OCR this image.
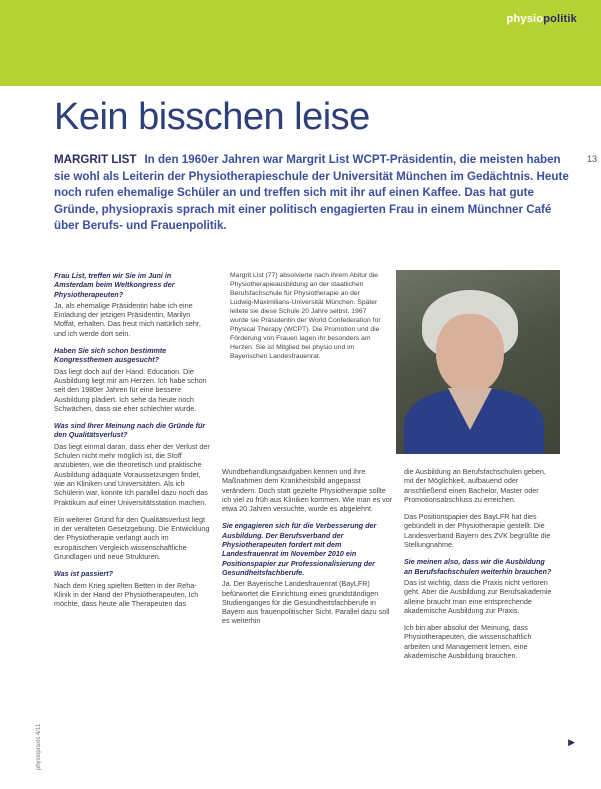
physiopolitik
Kein bisschen leise

MARGRIT LIST In den 1960er Jahren war Margrit List WCPT-Präsidentin, die meisten haben sie wohl als Leiterin der Physiotherapieschule der Universität München im Gedächtnis. Heute noch rufen ehemalige Schüler an und treffen sich mit ihr auf einen Kaffee. Das hat gute Gründe, physiopraxis sprach mit einer politisch engagierten Frau in einem Münchner Café über Berufs- und Frauenpolitik.

13

Frau List, treffen wir Sie im Juni in Amsterdam beim Weltkongress der Physiotherapeuten?

Ja, als ehemalige Präsidentin habe ich eine Einladung der jetzigen Präsidentin, Marilyn Moffat, erhalten. Das freut mich natürlich sehr, und ich werde dort sein.

Haben Sie sich schon bestimmte Kongressthemen ausgesucht?

Das liegt doch auf der Hand: Education. Die Ausbildung liegt mir am Herzen. Ich habe schon seit den 1980er Jahren für eine bessere Ausbildung plädiert. Ich sehe da heute noch Schwächen, dass sie eher schlechter wurde.

Was sind Ihrer Meinung nach die Gründe für den Qualitätsverlust?

Das liegt einmal daran, dass eher der Verlust der Schulen nicht mehr möglich ist, die Stoff anzubieten, wie die theoretisch und praktische Ausbildung adäquate Voraussetzungen findet, wie an Kliniken und Universitäten. Als ich Schülerin war, konnte ich parallel dazu noch das Praktikum auf einer Universitätsstation machen.

Ein weiterer Grund für den Qualitätsverlust liegt in der veralteten Gesetzgebung. Die Entwicklung der Physiotherapie verlangt auch im europäischen Vergleich wissenschaftliche Grundlagen und neue Strukturen.

Was ist passiert?

Nach dem Krieg spielten Betten in der Reha-Klinik in der Hand der Physiotherapeuten. Ich möchte, dass heute alle Therapeuten das

Margrit List (77) absolvierte nach ihrem Abitur die Physiotherapieausbildung an der staatlichen Berufsfachschule für Physiotherapie an der Ludwig-Maximilians-Universität München. Später leitete sie diese Schule 20 Jahre selbst. 1967 wurde sie Präsidentin der World Confederation for Physical Therapy (WCPT). Die Promotion und die Förderung von Frauen lagen ihr besonders am Herzen. Sie ist Mitglied bei physio und im Bayerischen Landesfrauenrat.

Wundbehandlungsaufgaben kennen und ihre Maßnahmen dem Krankheitsbild angepasst verändern. Doch statt gezielte Physiotherapie sollte ich viel zu früh aus Kliniken kommen. Wie man es vor etwa 20 Jahren versuchte, wurde es abgelehnt.

Sie engagieren sich für die Verbesserung der Ausbildung. Der Berufsverband der Physiotherapeuten fordert mit dem Landesfrauenrat im November 2010 ein Positionspapier zur Professionalisierung der Gesundheitsfachberufe.

Ja. Der Bayerische Landesfrauenrat (BayLFR) befürwortet die Einrichtung eines grundständigen Studienganges für die Gesundheitsfachberufe in Bayern aus frauenpolitischer Sicht. Parallel dazu soll es weiterhin

die Ausbildung an Berufsfachschulen geben, mit der Möglichkeit, aufbauend oder anschließend einen Bachelor, Master oder Promotionsabschluss zu erreichen.

Das Positionspapier des BayLFR hat dies gebündelt in der Physiotherapie gestellt. Die Landesverband Bayern des ZVK begrüßte die Stellungnahme.

Sie meinen also, dass wir die Ausbildung an Berufsfachschulen weiterhin brauchen?

Das ist wichtig, dass die Praxis nicht verloren geht. Aber die Ausbildung zur Berufsakademie alleine braucht man eine entsprechende akademische Ausbildung zur Praxis.

Ich bin aber absolut der Meinung, dass Physiotherapeuten, die wissenschaftlich arbeiten und Management lernen, eine akademische Ausbildung brauchen.

physiopraxis 4/11	▶
